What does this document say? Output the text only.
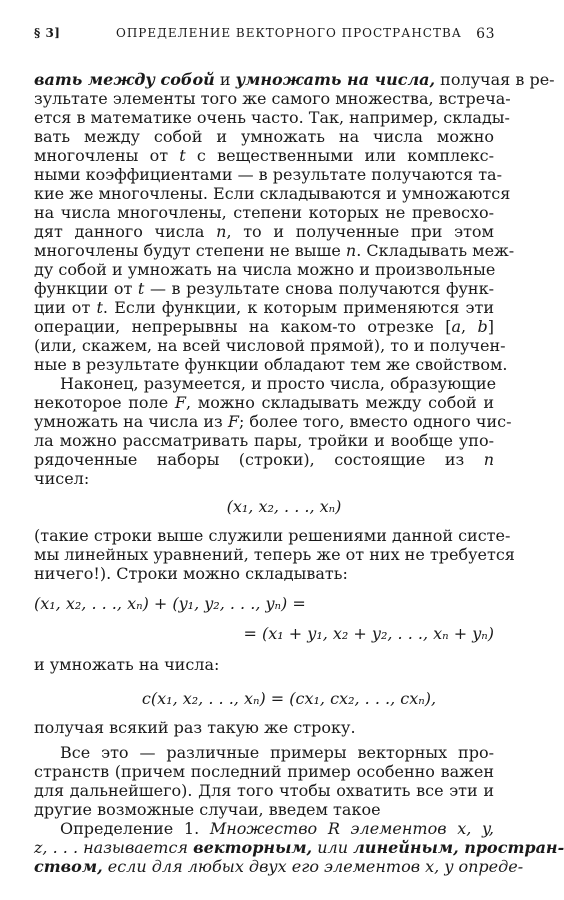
§ 3]	ОПРЕДЕЛЕНИЕ ВЕКТОРНОГО ПРОСТРАНСТВА 63
вать между собой и умножать на числа, получая в ре-
зультате элементы того же самого множества, встреча-
ется в математике очень часто. Так, например, склады-
вать между собой и умножать на числа можно
многочлены от t с вещественными или комплекс-
ными коэффициентами — в результате получаются та-
кие же многочлены. Если складываются и умножаются
на числа многочлены, степени которых не превосхо-
дят данного числа n, то и полученные при этом
многочлены будут степени не выше n. Складывать меж-
ду собой и умножать на числа можно и произвольные
функции от t — в результате снова получаются функ-
ции от t. Если функции, к которым применяются эти
операции, непрерывны на каком-то отрезке [a, b]
(или, скажем, на всей числовой прямой), то и получен-
ные в результате функции обладают тем же свойством.
Наконец, разумеется, и просто числа, образующие
некоторое поле F, можно складывать между собой и
умножать на числа из F; более того, вместо одного чис-
ла можно рассматривать пары, тройки и вообще упо-
рядоченные наборы (строки), состоящие из n
чисел:
(x₁, x₂, . . ., xₙ)
(такие строки выше служили решениями данной систе-
мы линейных уравнений, теперь же от них не требуется
ничего!). Строки можно складывать:
(x₁, x₂, . . ., xₙ) + (y₁, y₂, . . ., yₙ) =
= (x₁ + y₁, x₂ + y₂, . . ., xₙ + yₙ)
и умножать на числа:
c(x₁, x₂, . . ., xₙ) = (cx₁, cx₂, . . ., cxₙ),
получая всякий раз такую же строку.
Все это — различные примеры векторных про-
странств (причем последний пример особенно важен
для дальнейшего). Для того чтобы охватить все эти и
другие возможные случаи, введем такое
Определение 1. Множество R элементов x, y,
z, . . . называется векторным, или линейным, простран-
ством, если для любых двух его элементов x, y опреде-
